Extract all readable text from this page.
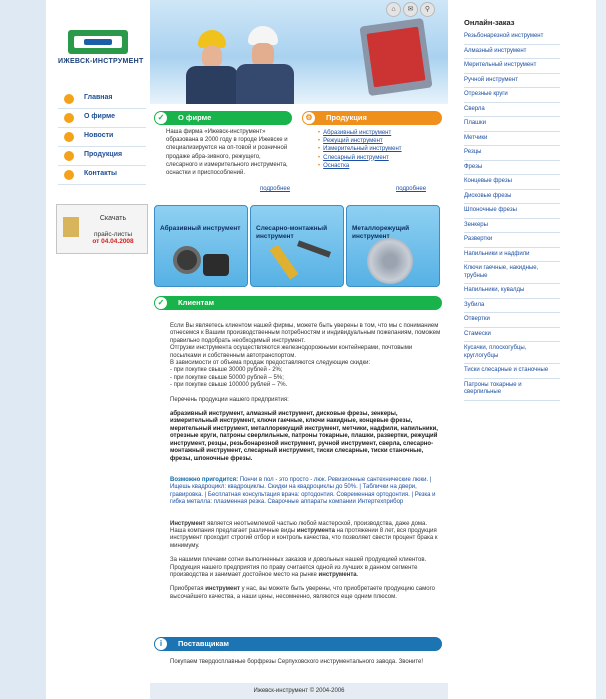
ИЖЕВСК-ИНСТРУМЕНТ
Главная
О фирме
Новости
Продукция
Контакты
Скачать
прайс-листы
от 04.04.2008
⌂	✉	⚲
✓	О фирме	⚙	Продукция
Наша фирма «Ижевск-инструмент» образована в 2000 году в городе Ижевске и специализируется на оп-товой и розничной продаже абра-зивного, режущего, слесарного и измерительного инструмента, оснастки и приспособлений.
подробнее
• Абразивный инструмент
• Режущий инструмент
• Измерительный инструмент
• Слесарный инструмент
• Оснастка
подробнее
Абразивный инструмент	Слесарно-монтажный инструмент
Металлорежущий инструмент
✓	Клиентам

Если Вы являетесь клиентом нашей фирмы, можете быть уверены в том, что мы с пониманием отнесемся к Вашим производственным потребностям и индивидуальным пожеланиям, поможем правильно подобрать необходимый инструмент.

Отгрузки инструмента осуществляются железнодорожными контейнерами, почтовыми посылками и собственным автотранспортом.

В зависимости от объема продаж предоставляются следующие скидки:

- при покупке свыше 30000 рублей - 2%;

- при покупке свыше 50000 рублей – 5%;

- при покупке свыше 100000 рублей – 7%.

Перечень продукции нашего предприятия:

абразивный инструмент, алмазный инструмент, дисковые фрезы, зенкеры, измерительный инструмент, ключи гаечные, ключи накидные, концевые фрезы, мерительный инструмент, металлорежущий инструмент, метчики, надфили, напильники, отрезные круги, патроны сверлильные, патроны токарные, плашки, развертки, режущий инструмент, резцы, резьбонарезной инструмент, ручной инструмент, сверла, слесарно-монтажный инструмент, слесарный инструмент, тиски слесарные, тиски станочные, фрезы, шпоночные фрезы.

Возможно пригодится: Пончи в пол - это просто - люк. Ревизионные сантехнические люки. | Ищешь квадроцикл: квадроциклы. Скидки на квадроциклы до 50%. | Таблички на двери, гравировка. | Бесплатная консультация врача: ортодонтия. Современная ортодонтия. | Резка и гибка металла: плазменная резка. Сварочные аппараты компании Интертехприбор

Инструмент является неотъемлемой частью любой мастерской, производства, даже дома. Наша компания предлагает различные виды инструмента на протяжении 8 лет, вся продукция инструмент проходит строгий отбор и контроль качества, что позволяет свести процент брака к минимуму.

За нашими плечами сотни выполненных заказов и довольных нашей продукцией клиентов. Продукция нашего предприятия по праву считается одной из лучших в данном сегменте производства и занимает достойное место на рынке инструмента.

Приобретая инструмент у нас, вы можете быть уверены, что приобретаете продукцию самого высочайшего качества, а наши цены, несомненно, являются еще одним плюсом.

i	Поставщикам

Покупаем твердосплавные борфрезы Серпуховского инструментального завода. Звоните!

Ижевск-инструмент © 2004-2006
Онлайн-заказ
Резьбонарезной инструмент
Алмазный инструмент
Мерительный инструмент
Ручной инструмент
Отрезные круги
Сверла
Плашки
Метчики
Резцы
Фрезы
Концевые фрезы
Дисковые фрезы
Шпоночные фрезы
Зенкеры
Развертки
Напильники и надфили
Ключи гаечные, накидные, трубные
Напильники, кувалды
Зубила
Отвертки
Стамески
Кусачки, плоскогубцы, круглогубцы
Тиски слесарные и станочные
Патроны токарные и сверлильные
